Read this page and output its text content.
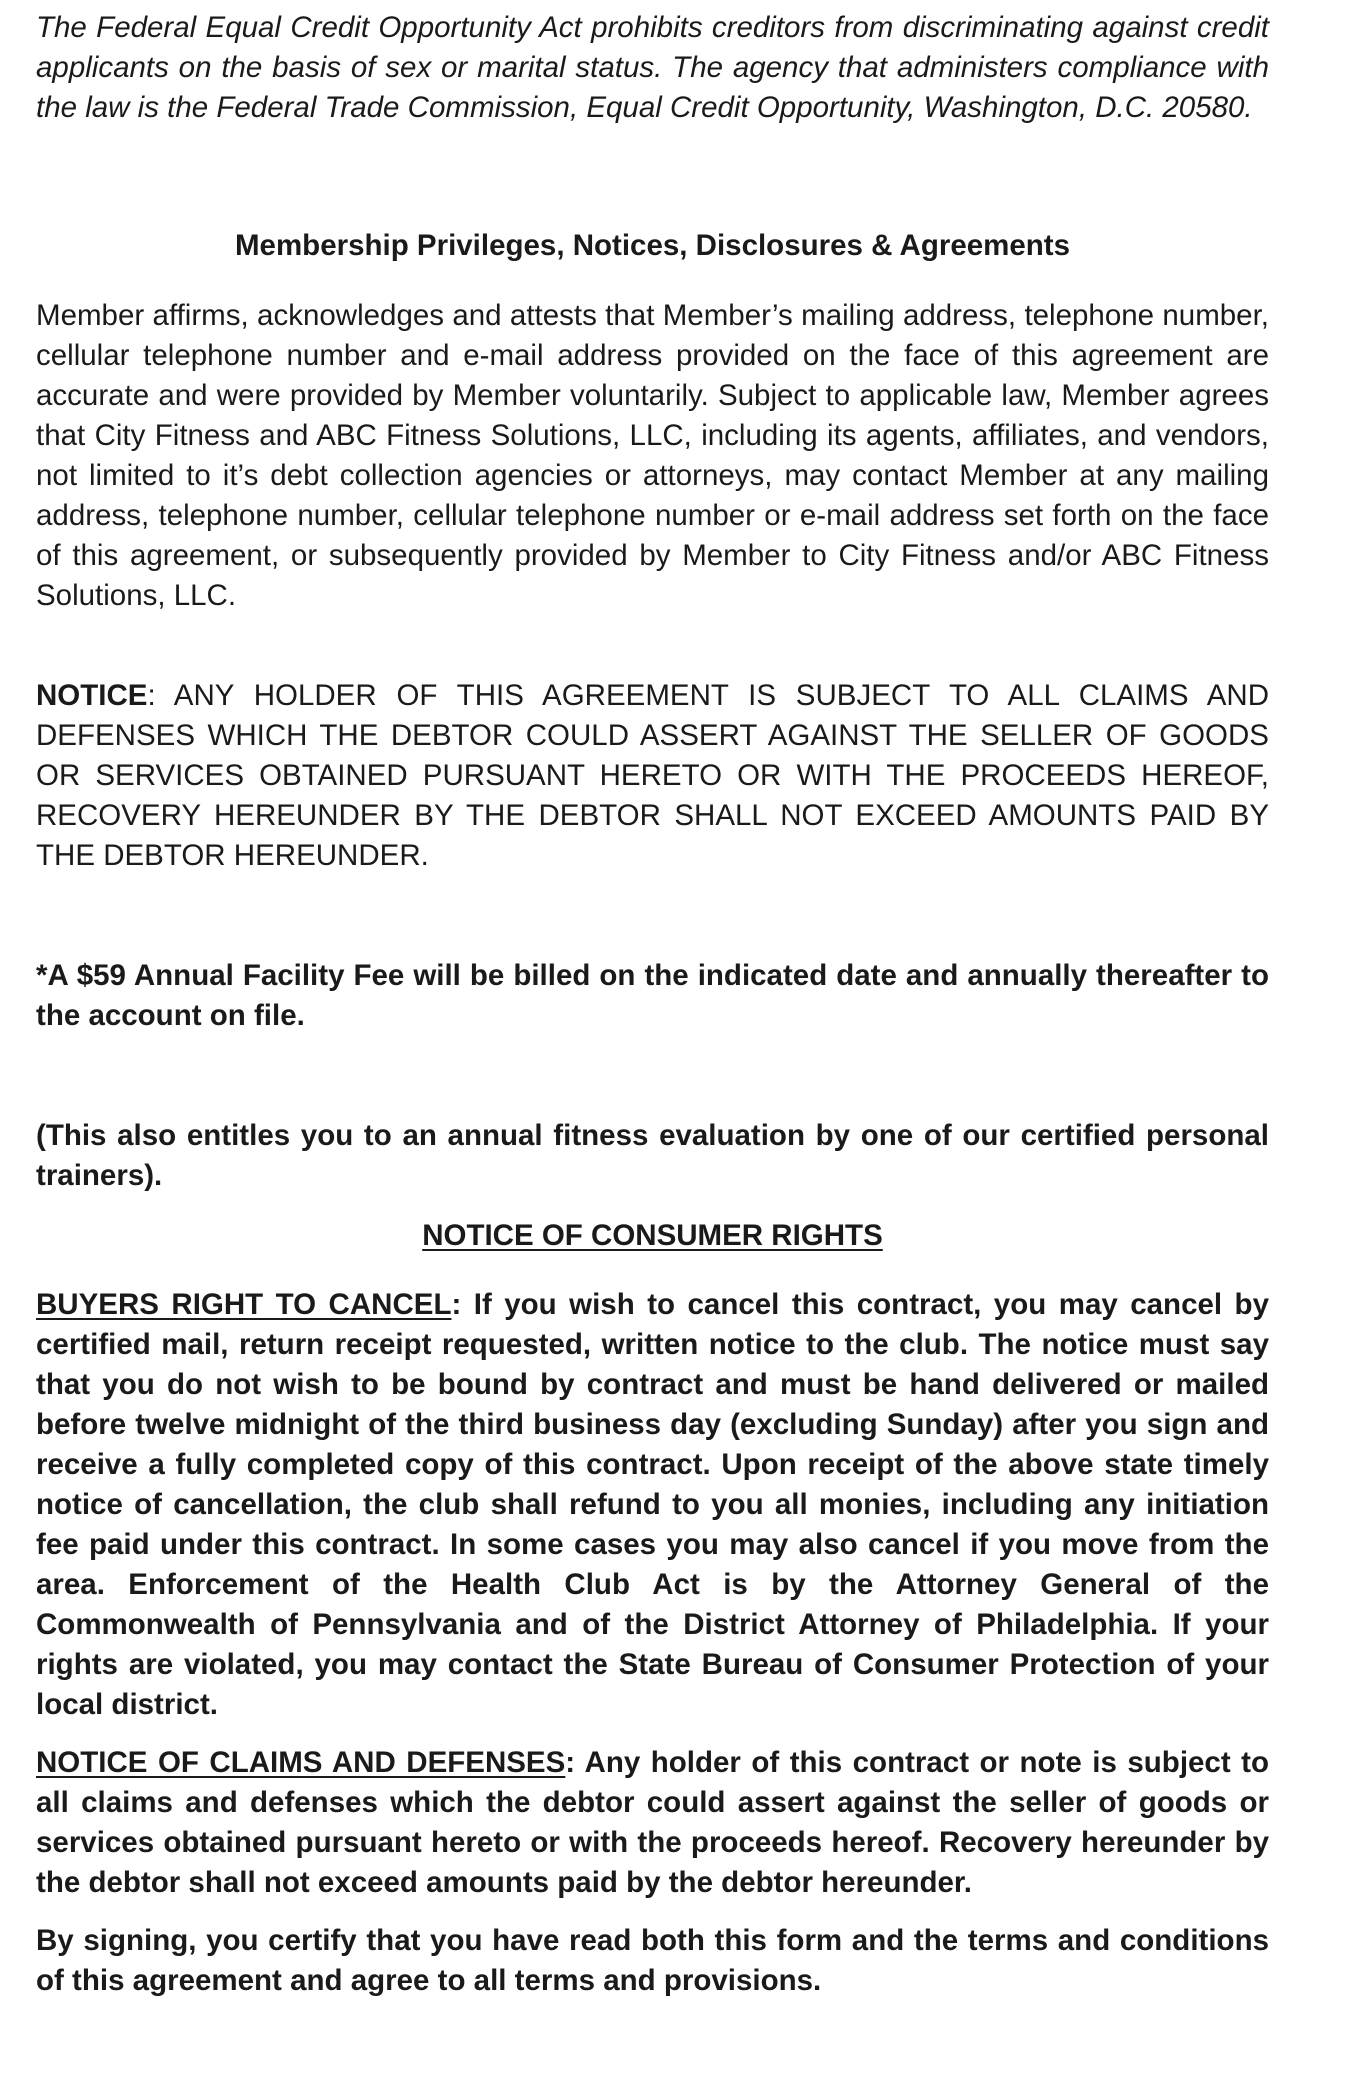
The Federal Equal Credit Opportunity Act prohibits creditors from discriminating against credit applicants on the basis of sex or marital status. The agency that administers compliance with the law is the Federal Trade Commission, Equal Credit Opportunity, Washington, D.C. 20580.

Membership Privileges, Notices, Disclosures & Agreements

Member affirms, acknowledges and attests that Member’s mailing address, telephone number, cellular telephone number and e-mail address provided on the face of this agreement are accurate and were provided by Member voluntarily. Subject to applicable law, Member agrees that City Fitness and ABC Fitness Solutions, LLC, including its agents, affiliates, and vendors, not limited to it’s debt collection agencies or attorneys, may contact Member at any mailing address, telephone number, cellular telephone number or e-mail address set forth on the face of this agreement, or subsequently provided by Member to City Fitness and/or ABC Fitness Solutions, LLC.

NOTICE: ANY HOLDER OF THIS AGREEMENT IS SUBJECT TO ALL CLAIMS AND DEFENSES WHICH THE DEBTOR COULD ASSERT AGAINST THE SELLER OF GOODS OR SERVICES OBTAINED PURSUANT HERETO OR WITH THE PROCEEDS HEREOF, RECOVERY HEREUNDER BY THE DEBTOR SHALL NOT EXCEED AMOUNTS PAID BY THE DEBTOR HEREUNDER.

*A $59 Annual Facility Fee will be billed on the indicated date and annually thereafter to the account on file.

(This also entitles you to an annual fitness evaluation by one of our certified personal trainers).

NOTICE OF CONSUMER RIGHTS

BUYERS RIGHT TO CANCEL: If you wish to cancel this contract, you may cancel by certified mail, return receipt requested, written notice to the club. The notice must say that you do not wish to be bound by contract and must be hand delivered or mailed before twelve midnight of the third business day (excluding Sunday) after you sign and receive a fully completed copy of this contract. Upon receipt of the above state timely notice of cancellation, the club shall refund to you all monies, including any initiation fee paid under this contract. In some cases you may also cancel if you move from the area. Enforcement of the Health Club Act is by the Attorney General of the Commonwealth of Pennsylvania and of the District Attorney of Philadelphia. If your rights are violated, you may contact the State Bureau of Consumer Protection of your local district.

NOTICE OF CLAIMS AND DEFENSES: Any holder of this contract or note is subject to all claims and defenses which the debtor could assert against the seller of goods or services obtained pursuant hereto or with the proceeds hereof. Recovery hereunder by the debtor shall not exceed amounts paid by the debtor hereunder.

By signing, you certify that you have read both this form and the terms and conditions of this agreement and agree to all terms and provisions.
